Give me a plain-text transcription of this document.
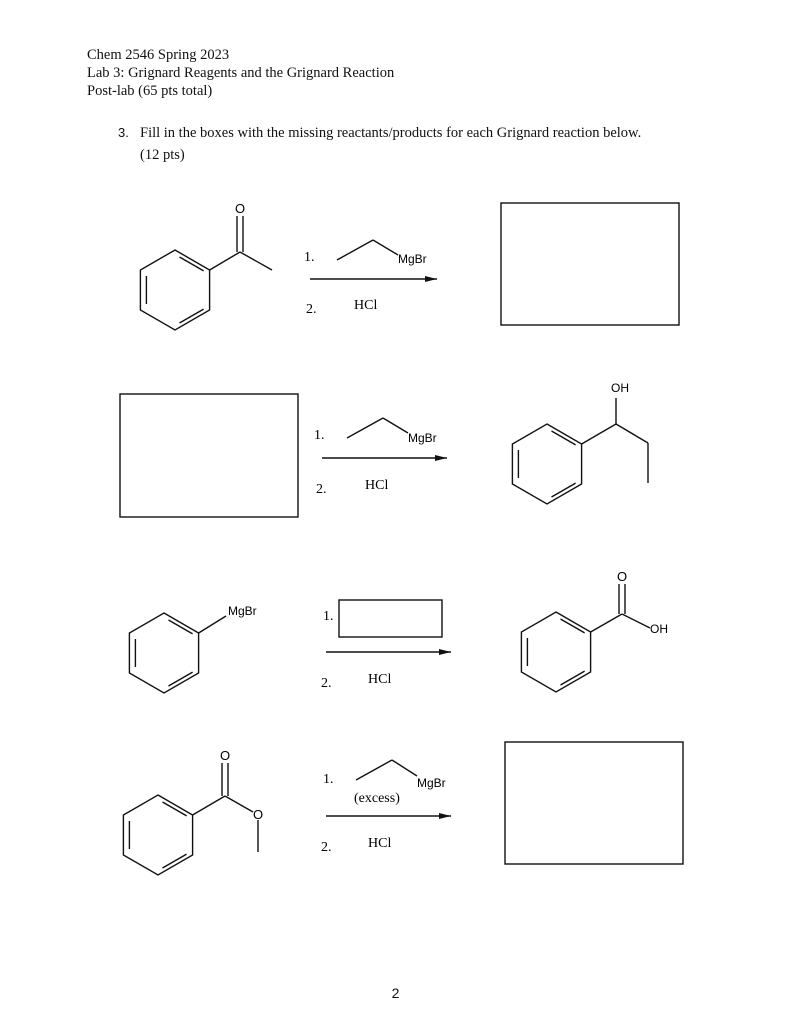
Chem 2546 Spring 2023
Lab 3: Grignard Reagents and the Grignard Reaction
Post-lab (65 pts total)
3. Fill in the boxes with the missing reactants/products for each Grignard reaction below.
(12 pts)
O
1.	MgBr
2.	HCl
1.	MgBr
2.	HCl
OH
MgBr	1.
2.	HCl
O
OH
O
O
1.	MgBr
(excess)
2.	HCl
2
